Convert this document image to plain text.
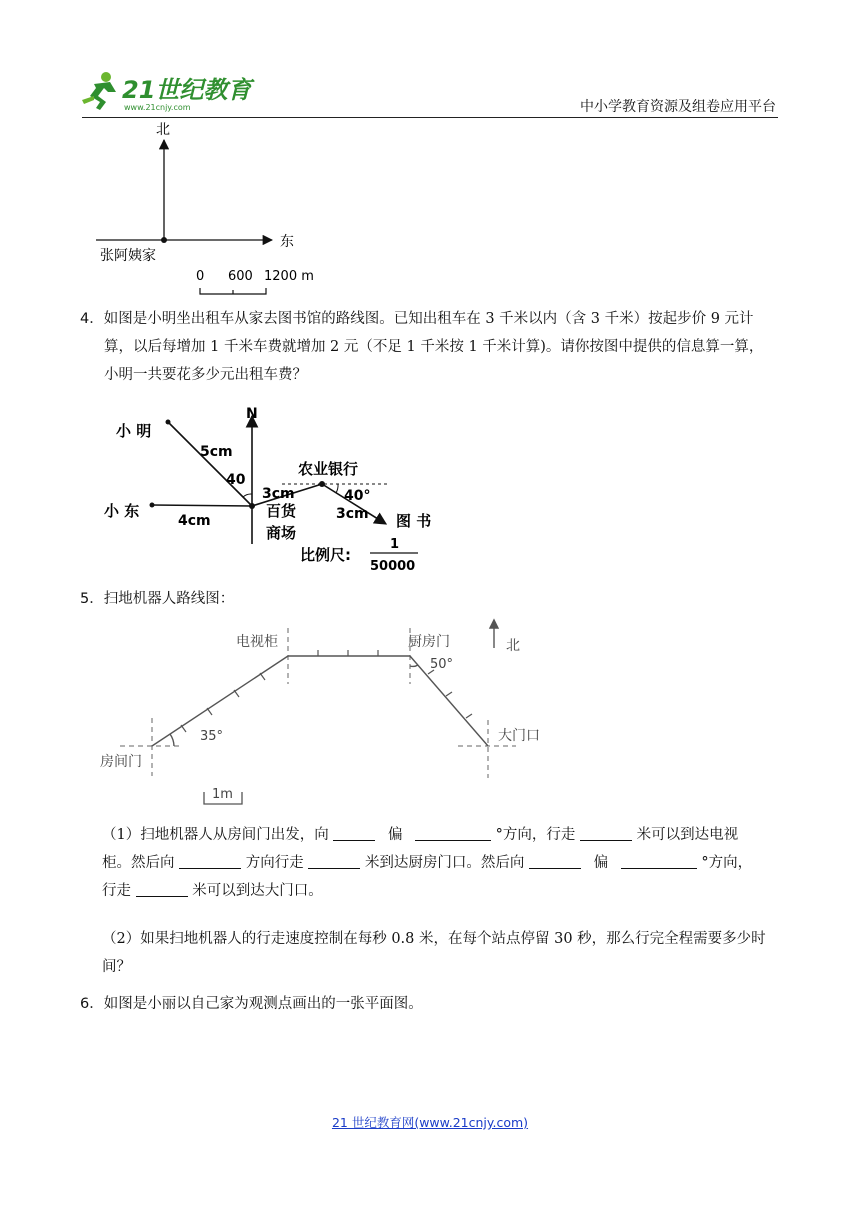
21世纪教育
www.21cnjy.com	中小学教育资源及组卷应用平台
北
东
张阿姨家
0 600 1200 m
4．如图是小明坐出租车从家去图书馆的路线图。已知出租车在 3 千米以内（含 3 千米）按起步价 9 元计
算，以后每增加 1 千米车费就增加 2 元（不足 1 千米按 1 千米计算)。请你按图中提供的信息算一算，
小明一共要花多少元出租车费？
小 明
5cm
40
N
小 东
4cm
3cm
农业银行
40°
3cm 图 书
百货
商场
比例尺:
1
50000
5．扫地机器人路线图：
电视柜	厨房门	北
50°
35°	大门口
房间门
1m
（1）扫地机器人从房间门出发，向	偏	°方向，行走	米可以到达电视
柜。然后向	方向行走	米到达厨房门口。然后向	偏	°方向，
行走	米可以到达大门口。
（2）如果扫地机器人的行走速度控制在每秒 0.8 米，在每个站点停留 30 秒，那么行完全程需要多少时
间？
6．如图是小丽以自己家为观测点画出的一张平面图。
21 世纪教育网(www.21cnjy.com)
